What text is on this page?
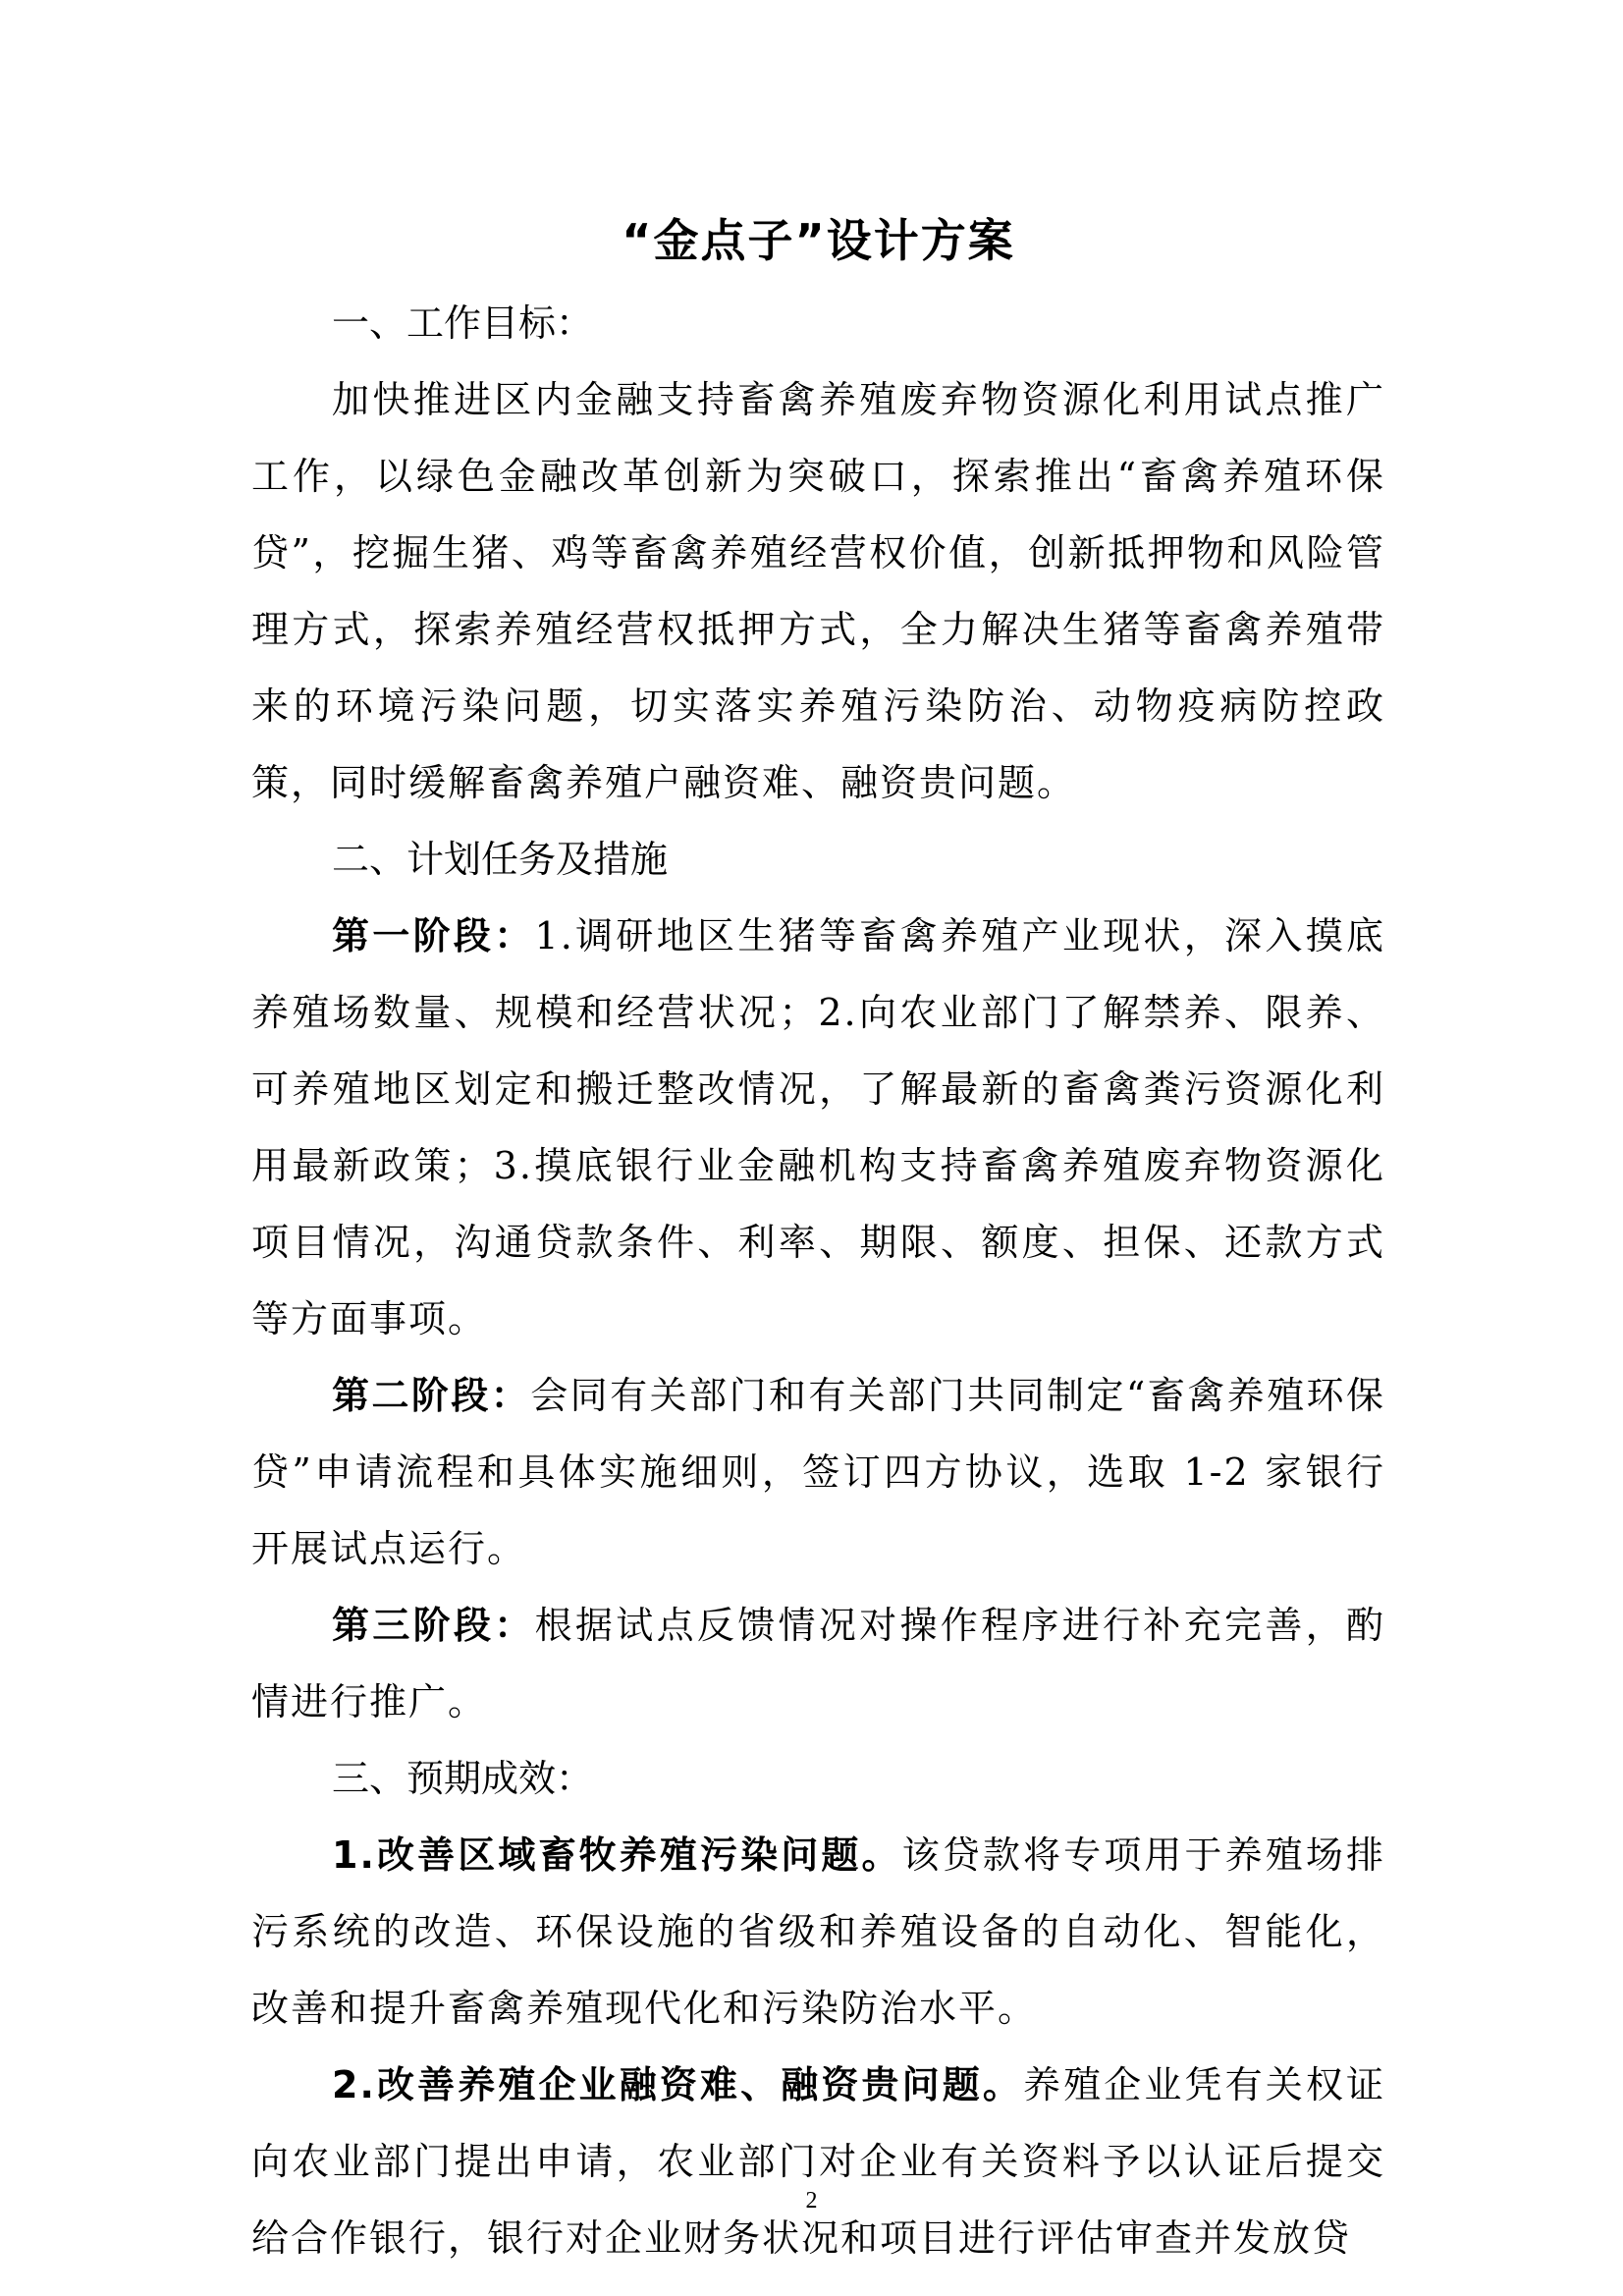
“金点子”设计方案
一、工作目标：

加快推进区内金融支持畜禽养殖废弃物资源化利用试点推广工作，以绿色金融改革创新为突破口，探索推出“畜禽养殖环保贷”，挖掘生猪、鸡等畜禽养殖经营权价值，创新抵押物和风险管理方式，探索养殖经营权抵押方式，全力解决生猪等畜禽养殖带来的环境污染问题，切实落实养殖污染防治、动物疫病防控政策，同时缓解畜禽养殖户融资难、融资贵问题。

二、计划任务及措施

第一阶段：1.调研地区生猪等畜禽养殖产业现状，深入摸底养殖场数量、规模和经营状况；2.向农业部门了解禁养、限养、可养殖地区划定和搬迁整改情况，了解最新的畜禽粪污资源化利用最新政策；3.摸底银行业金融机构支持畜禽养殖废弃物资源化项目情况，沟通贷款条件、利率、期限、额度、担保、还款方式等方面事项。

第二阶段：会同有关部门和有关部门共同制定“畜禽养殖环保贷”申请流程和具体实施细则，签订四方协议，选取 1-2 家银行开展试点运行。

第三阶段：根据试点反馈情况对操作程序进行补充完善，酌情进行推广。

三、预期成效：

1.改善区域畜牧养殖污染问题。该贷款将专项用于养殖场排污系统的改造、环保设施的省级和养殖设备的自动化、智能化，改善和提升畜禽养殖现代化和污染防治水平。

2.改善养殖企业融资难、融资贵问题。养殖企业凭有关权证向农业部门提出申请，农业部门对企业有关资料予以认证后提交给合作银行，银行对企业财务状况和项目进行评估审查并发放贷

2
